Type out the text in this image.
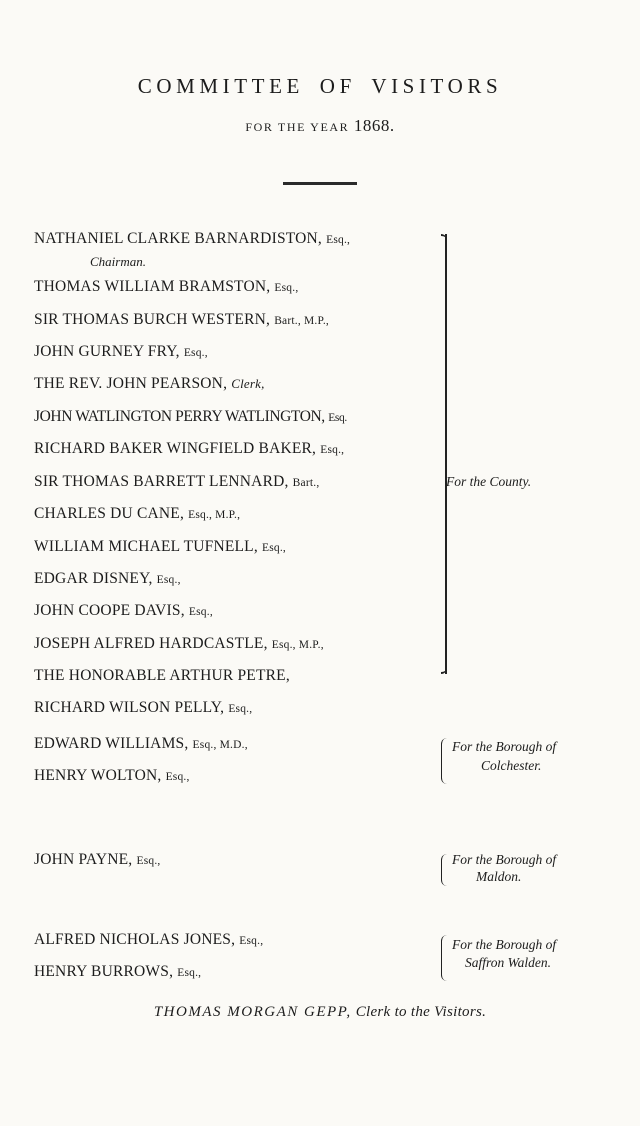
COMMITTEE OF VISITORS
FOR THE YEAR 1868.
NATHANIEL CLARKE BARNARDISTON, Esq.,
Chairman.
THOMAS WILLIAM BRAMSTON, Esq.,
SIR THOMAS BURCH WESTERN, Bart., M.P.,
JOHN GURNEY FRY, Esq.,
THE REV. JOHN PEARSON, Clerk,
JOHN WATLINGTON PERRY WATLINGTON, Esq.
RICHARD BAKER WINGFIELD BAKER, Esq.,
SIR THOMAS BARRETT LENNARD, Bart.,
CHARLES DU CANE, Esq., M.P.,
WILLIAM MICHAEL TUFNELL, Esq.,
EDGAR DISNEY, Esq.,
JOHN COOPE DAVIS, Esq.,
JOSEPH ALFRED HARDCASTLE, Esq., M.P.,
THE HONORABLE ARTHUR PETRE,
RICHARD WILSON PELLY, Esq.,
For the County.
EDWARD WILLIAMS, Esq., M.D.,
HENRY WOLTON, Esq.,
For the Borough of
Colchester.
JOHN PAYNE, Esq.,	For the Borough of
Maldon.
ALFRED NICHOLAS JONES, Esq.,
HENRY BURROWS, Esq.,
For the Borough of
Saffron Walden.
THOMAS MORGAN GEPP, Clerk to the Visitors.
